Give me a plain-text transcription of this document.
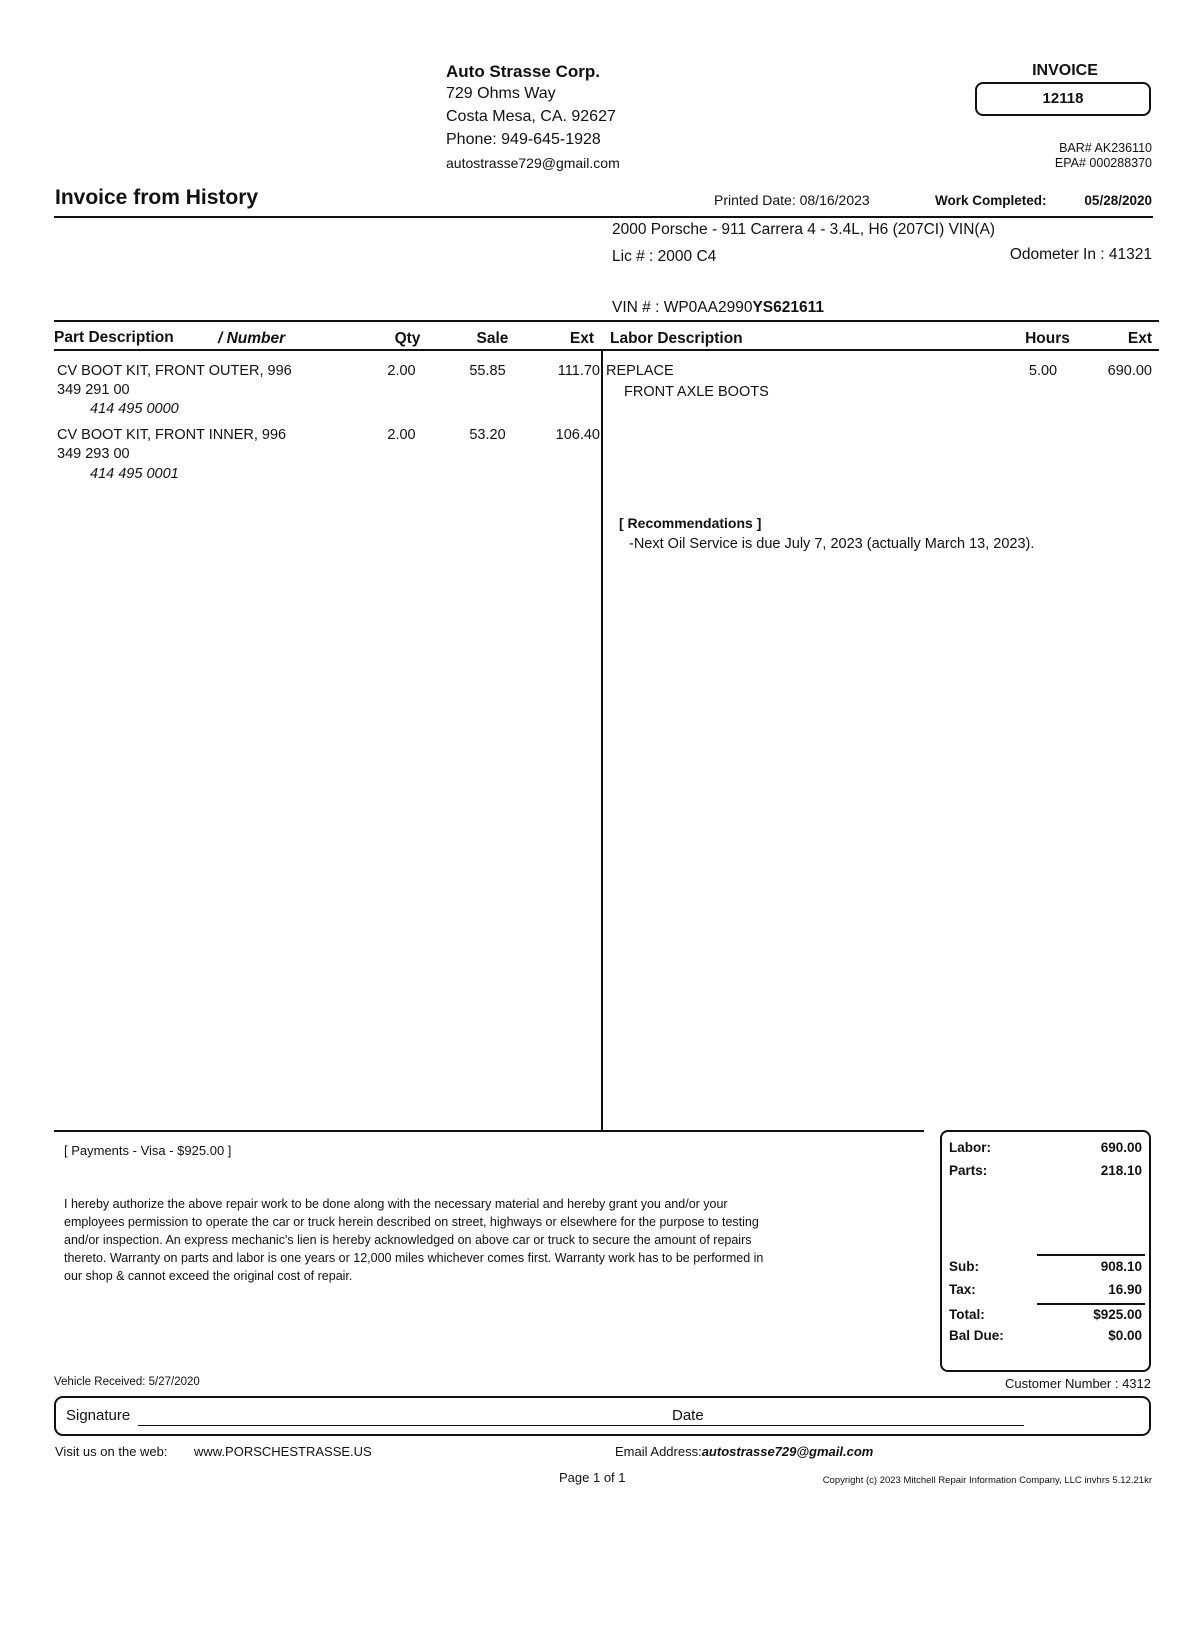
Auto Strasse Corp.
729 Ohms Way
Costa Mesa, CA. 92627
Phone: 949-645-1928
autostrasse729@gmail.com
INVOICE
12118
BAR# AK236110
EPA# 000288370
Invoice from History	Printed Date: 08/16/2023	Work Completed:	05/28/2020
2000 Porsche - 911 Carrera 4 - 3.4L, H6 (207CI) VIN(A)
Lic # : 2000 C4	Odometer In : 41321
VIN # : WP0AA2990YS621611
Part Description	/ Number	Qty	Sale	Ext Labor Description	Hours	Ext
CV BOOT KIT, FRONT OUTER, 996
349 291 00
414 495 0000
2.00	55.85	111.70
CV BOOT KIT, FRONT INNER, 996
349 293 00
414 495 0001
2.00	53.20	106.40
REPLACE
FRONT AXLE BOOTS
5.00	690.00
[ Recommendations ]
-Next Oil Service is due July 7, 2023 (actually March 13, 2023).
[ Payments - Visa - $925.00 ]
I hereby authorize the above repair work to be done along with the necessary material and hereby grant you and/or your
employees permission to operate the car or truck herein described on street, highways or elsewhere for the purpose to testing
and/or inspection. An express mechanic's lien is hereby acknowledged on above car or truck to secure the amount of repairs
thereto. Warranty on parts and labor is one years or 12,000 miles whichever comes first. Warranty work has to be performed in
our shop & cannot exceed the original cost of repair.
Labor:	690.00
Parts:	218.10
Sub:	908.10
Tax:	16.90
Total:	$925.00
Bal Due:	$0.00
Vehicle Received: 5/27/2020	Customer Number : 4312
Signature	Date
Visit us on the web: www.PORSCHESTRASSE.US	Email Address:autostrasse729@gmail.com
Page 1 of 1	Copyright (c) 2023 Mitchell Repair Information Company, LLC invhrs 5.12.21kr
